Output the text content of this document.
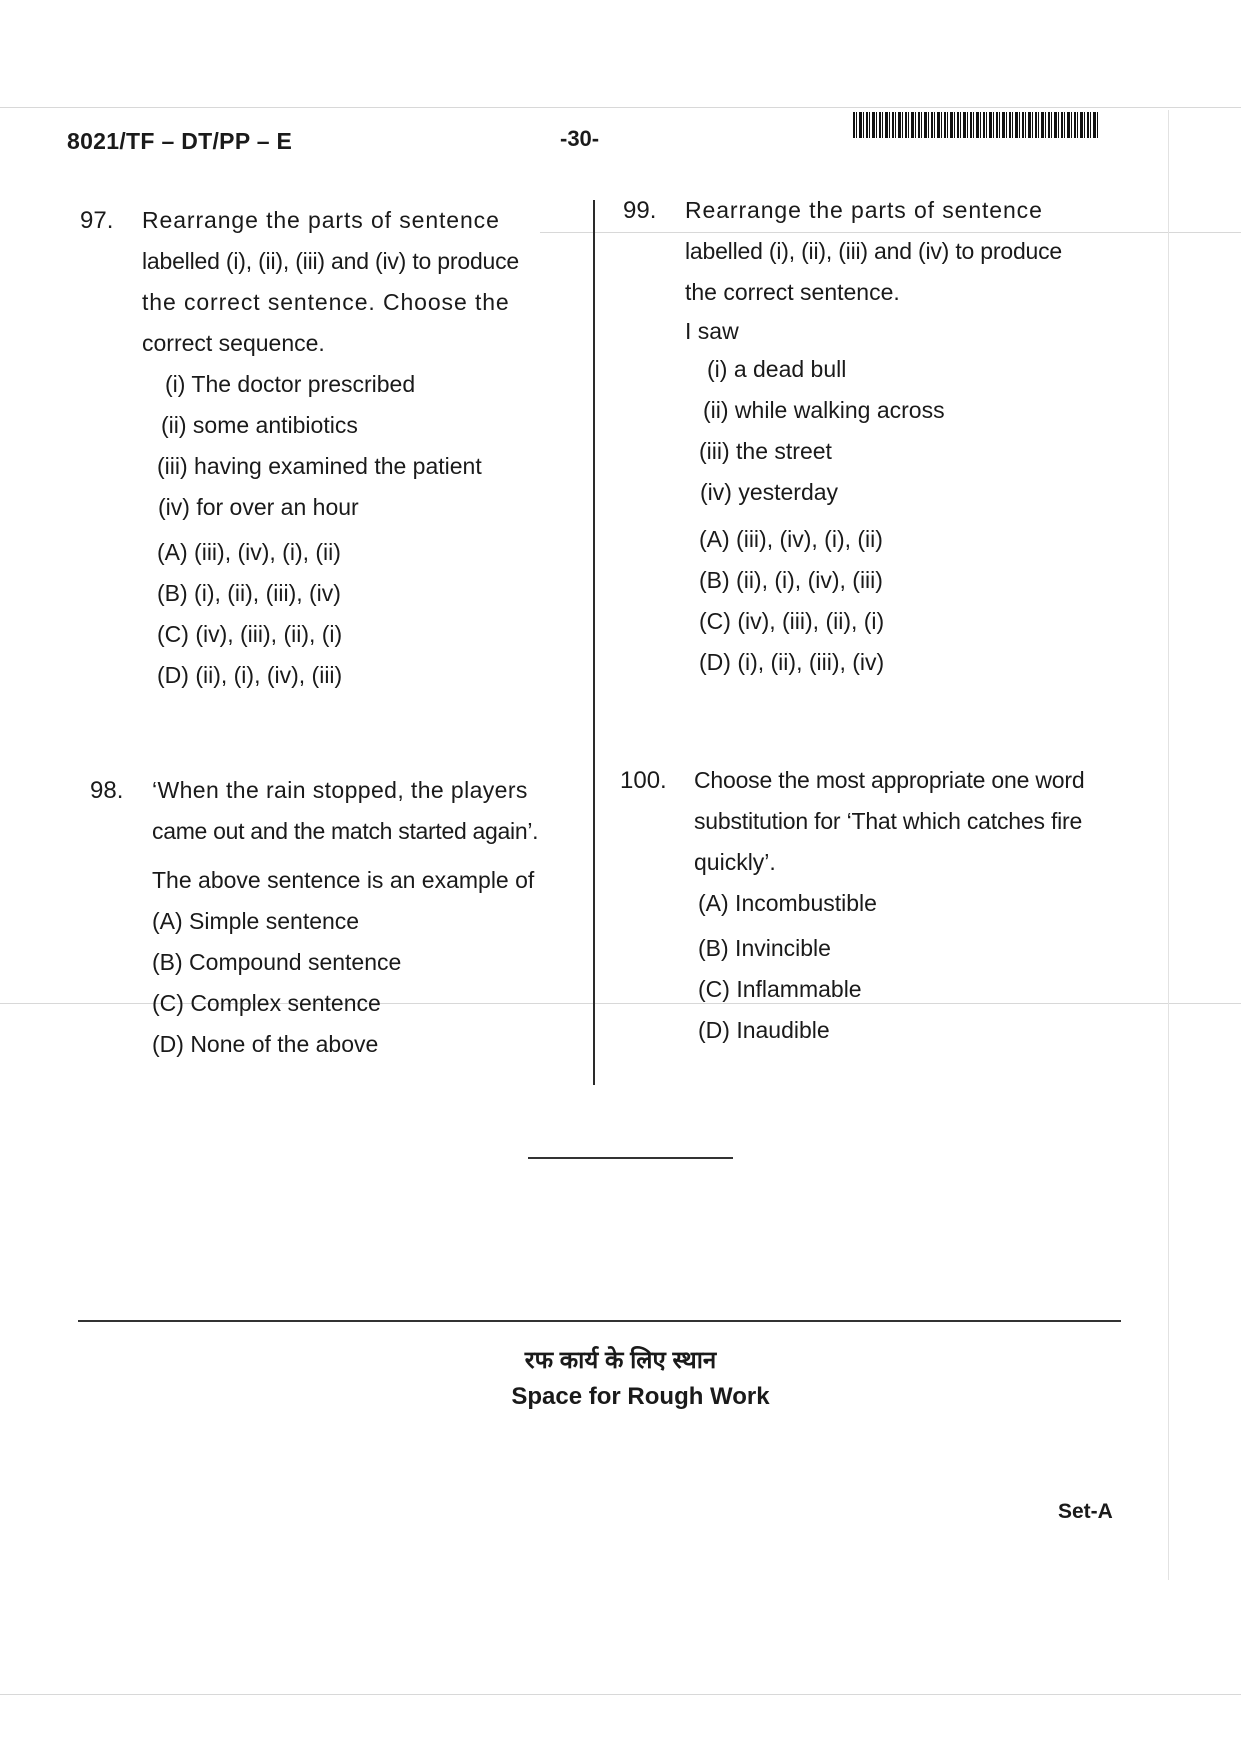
8021/TF – DT/PP – E	-30-
97. Rearrange the parts of sentence
labelled (i), (ii), (iii) and (iv) to produce
the correct sentence. Choose the
correct sequence.
(i) The doctor prescribed
(ii) some antibiotics
(iii) having examined the patient
(iv) for over an hour
(A) (iii), (iv), (i), (ii)
(B) (i), (ii), (iii), (iv)
(C) (iv), (iii), (ii), (i)
(D) (ii), (i), (iv), (iii)
98. ‘When the rain stopped, the players
came out and the match started again’.
The above sentence is an example of
(A) Simple sentence
(B) Compound sentence
(C) Complex sentence
(D) None of the above
99. Rearrange the parts of sentence
labelled (i), (ii), (iii) and (iv) to produce
the correct sentence.
I saw
(i) a dead bull
(ii) while walking across
(iii) the street
(iv) yesterday
(A) (iii), (iv), (i), (ii)
(B) (ii), (i), (iv), (iii)
(C) (iv), (iii), (ii), (i)
(D) (i), (ii), (iii), (iv)
100. Choose the most appropriate one word
substitution for ‘That which catches fire
quickly’.
(A) Incombustible
(B) Invincible
(C) Inflammable
(D) Inaudible
रफ कार्य के लिए स्थान
Space for Rough Work
Set-A
